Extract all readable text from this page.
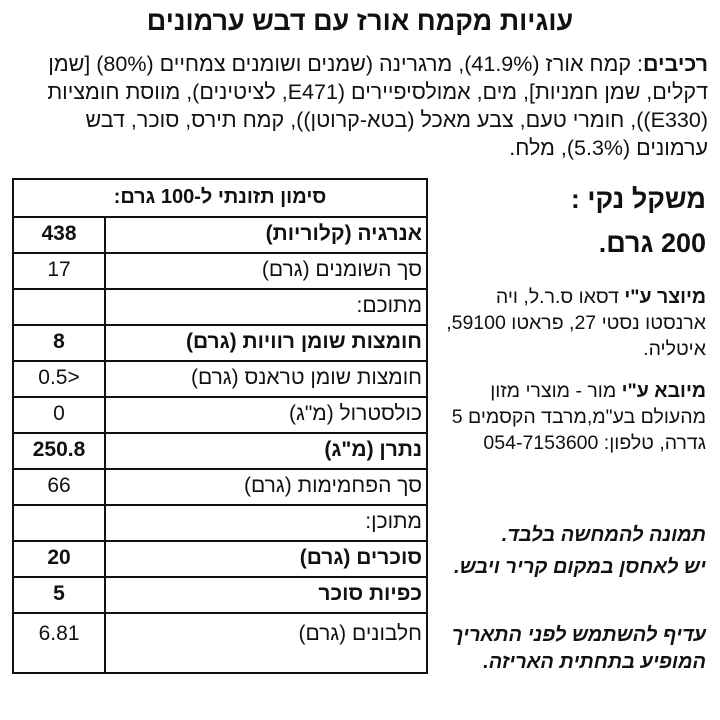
עוגיות מקמח אורז עם דבש ערמונים
רכיבים: קמח אורז (41.9%), מרגרינה (שמנים ושומנים צמחיים (80%) [שמן דקלים, שמן חמניות], מים, אמולסיפיירים (E471, לציטינים), מווסת חומציות (E330)), חומרי טעם, צבע מאכל (בטא-קרוטן)), קמח תירס, סוכר, דבש ערמונים (5.3%), מלח.
סימון תזונתי ל-100 גרם:
438	אנרגיה (קלוריות)
17	סך השומנים (גרם)
מתוכם:
8	חומצות שומן רוויות (גרם)
0.5>	חומצות שומן טראנס (גרם)
0	כולסטרול (מ"ג)
250.8	נתרן (מ"ג)
66	סך הפחמימות (גרם)
מתוכן:
20	סוכרים (גרם)
5	כפיות סוכר
6.81	חלבונים (גרם)
משקל נקי :
200 גרם.
מיוצר ע"י דסאו ס.ר.ל, ויה ארנסטו נסטי 27, פראטו 59100, איטליה.
מיובא ע"י מור - מוצרי מזון מהעולם בע"מ,מרבד הקסמים 5 גדרה, טלפון: 054-7153600
תמונה להמחשה בלבד.
יש לאחסן במקום קריר ויבש.
עדיף להשתמש לפני התאריך המופיע בתחתית האריזה.
